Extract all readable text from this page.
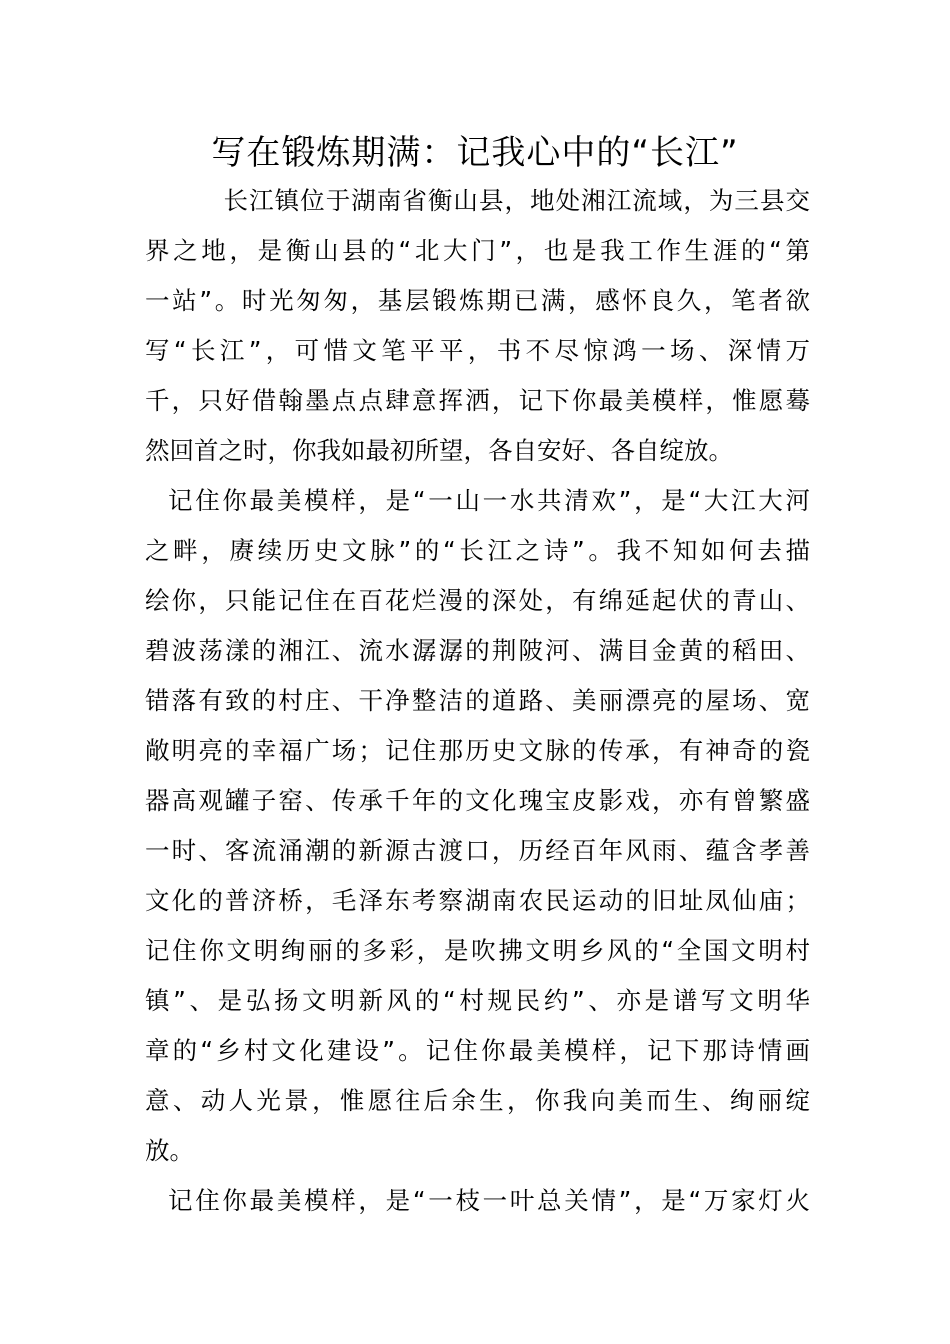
写在锻炼期满：记我心中的“长江”
　长江镇位于湖南省衡山县，地处湘江流域，为三县交
界之地，是衡山县的“北大门”，也是我工作生涯的“第
一站”。时光匆匆，基层锻炼期已满，感怀良久，笔者欲
写“长江”，可惜文笔平平，书不尽惊鸿一场、深情万
千，只好借翰墨点点肆意挥洒，记下你最美模样，惟愿蓦
然回首之时，你我如最初所望，各自安好、各自绽放。
记住你最美模样，是“一山一水共清欢”，是“大江大河
之畔，赓续历史文脉”的“长江之诗”。我不知如何去描
绘你，只能记住在百花烂漫的深处，有绵延起伏的青山、
碧波荡漾的湘江、流水潺潺的荆陂河、满目金黄的稻田、
错落有致的村庄、干净整洁的道路、美丽漂亮的屋场、宽
敞明亮的幸福广场；记住那历史文脉的传承，有神奇的瓷
器高观罐子窑、传承千年的文化瑰宝皮影戏，亦有曾繁盛
一时、客流涌潮的新源古渡口，历经百年风雨、蕴含孝善
文化的普济桥，毛泽东考察湖南农民运动的旧址凤仙庙；
记住你文明绚丽的多彩，是吹拂文明乡风的“全国文明村
镇”、是弘扬文明新风的“村规民约”、亦是谱写文明华
章的“乡村文化建设”。记住你最美模样，记下那诗情画
意、动人光景，惟愿往后余生，你我向美而生、绚丽绽
放。
记住你最美模样，是“一枝一叶总关情”，是“万家灯火
